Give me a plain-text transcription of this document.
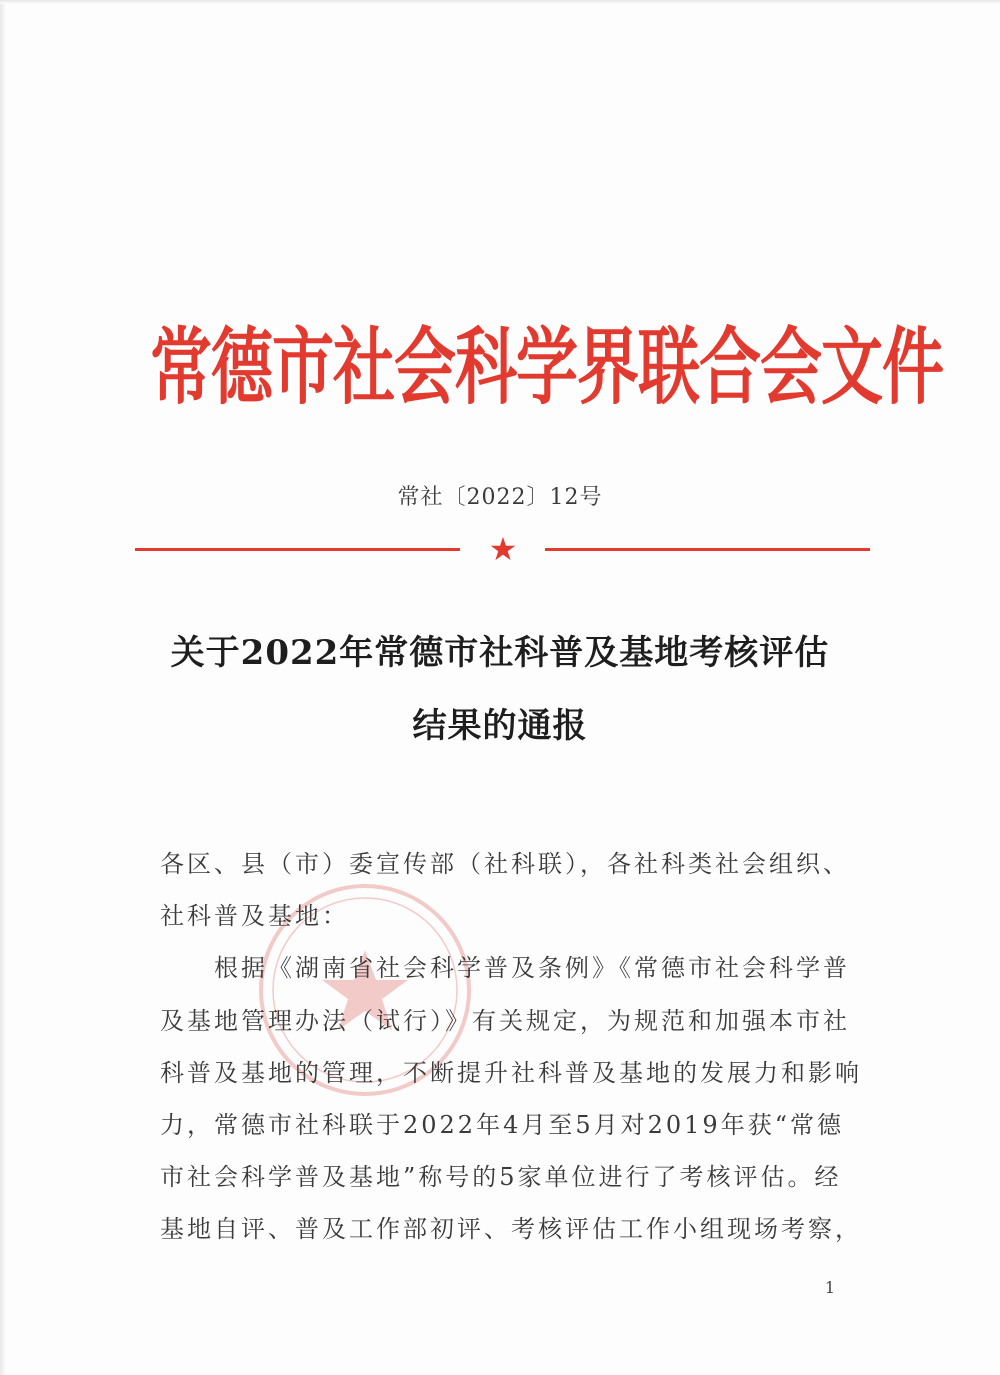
常德市社会科学界联合会文件
常社〔2022〕12号
★
关于2022年常德市社科普及基地考核评估
结果的通报
各区、县（市）委宣传部（社科联），各社科类社会组织、
社科普及基地：
　　根据《湖南省社会科学普及条例》《常德市社会科学普
及基地管理办法（试行）》有关规定，为规范和加强本市社
科普及基地的管理，不断提升社科普及基地的发展力和影响
力，常德市社科联于2022年4月至5月对2019年获“常德
市社会科学普及基地”称号的5家单位进行了考核评估。经
基地自评、普及工作部初评、考核评估工作小组现场考察，
1
